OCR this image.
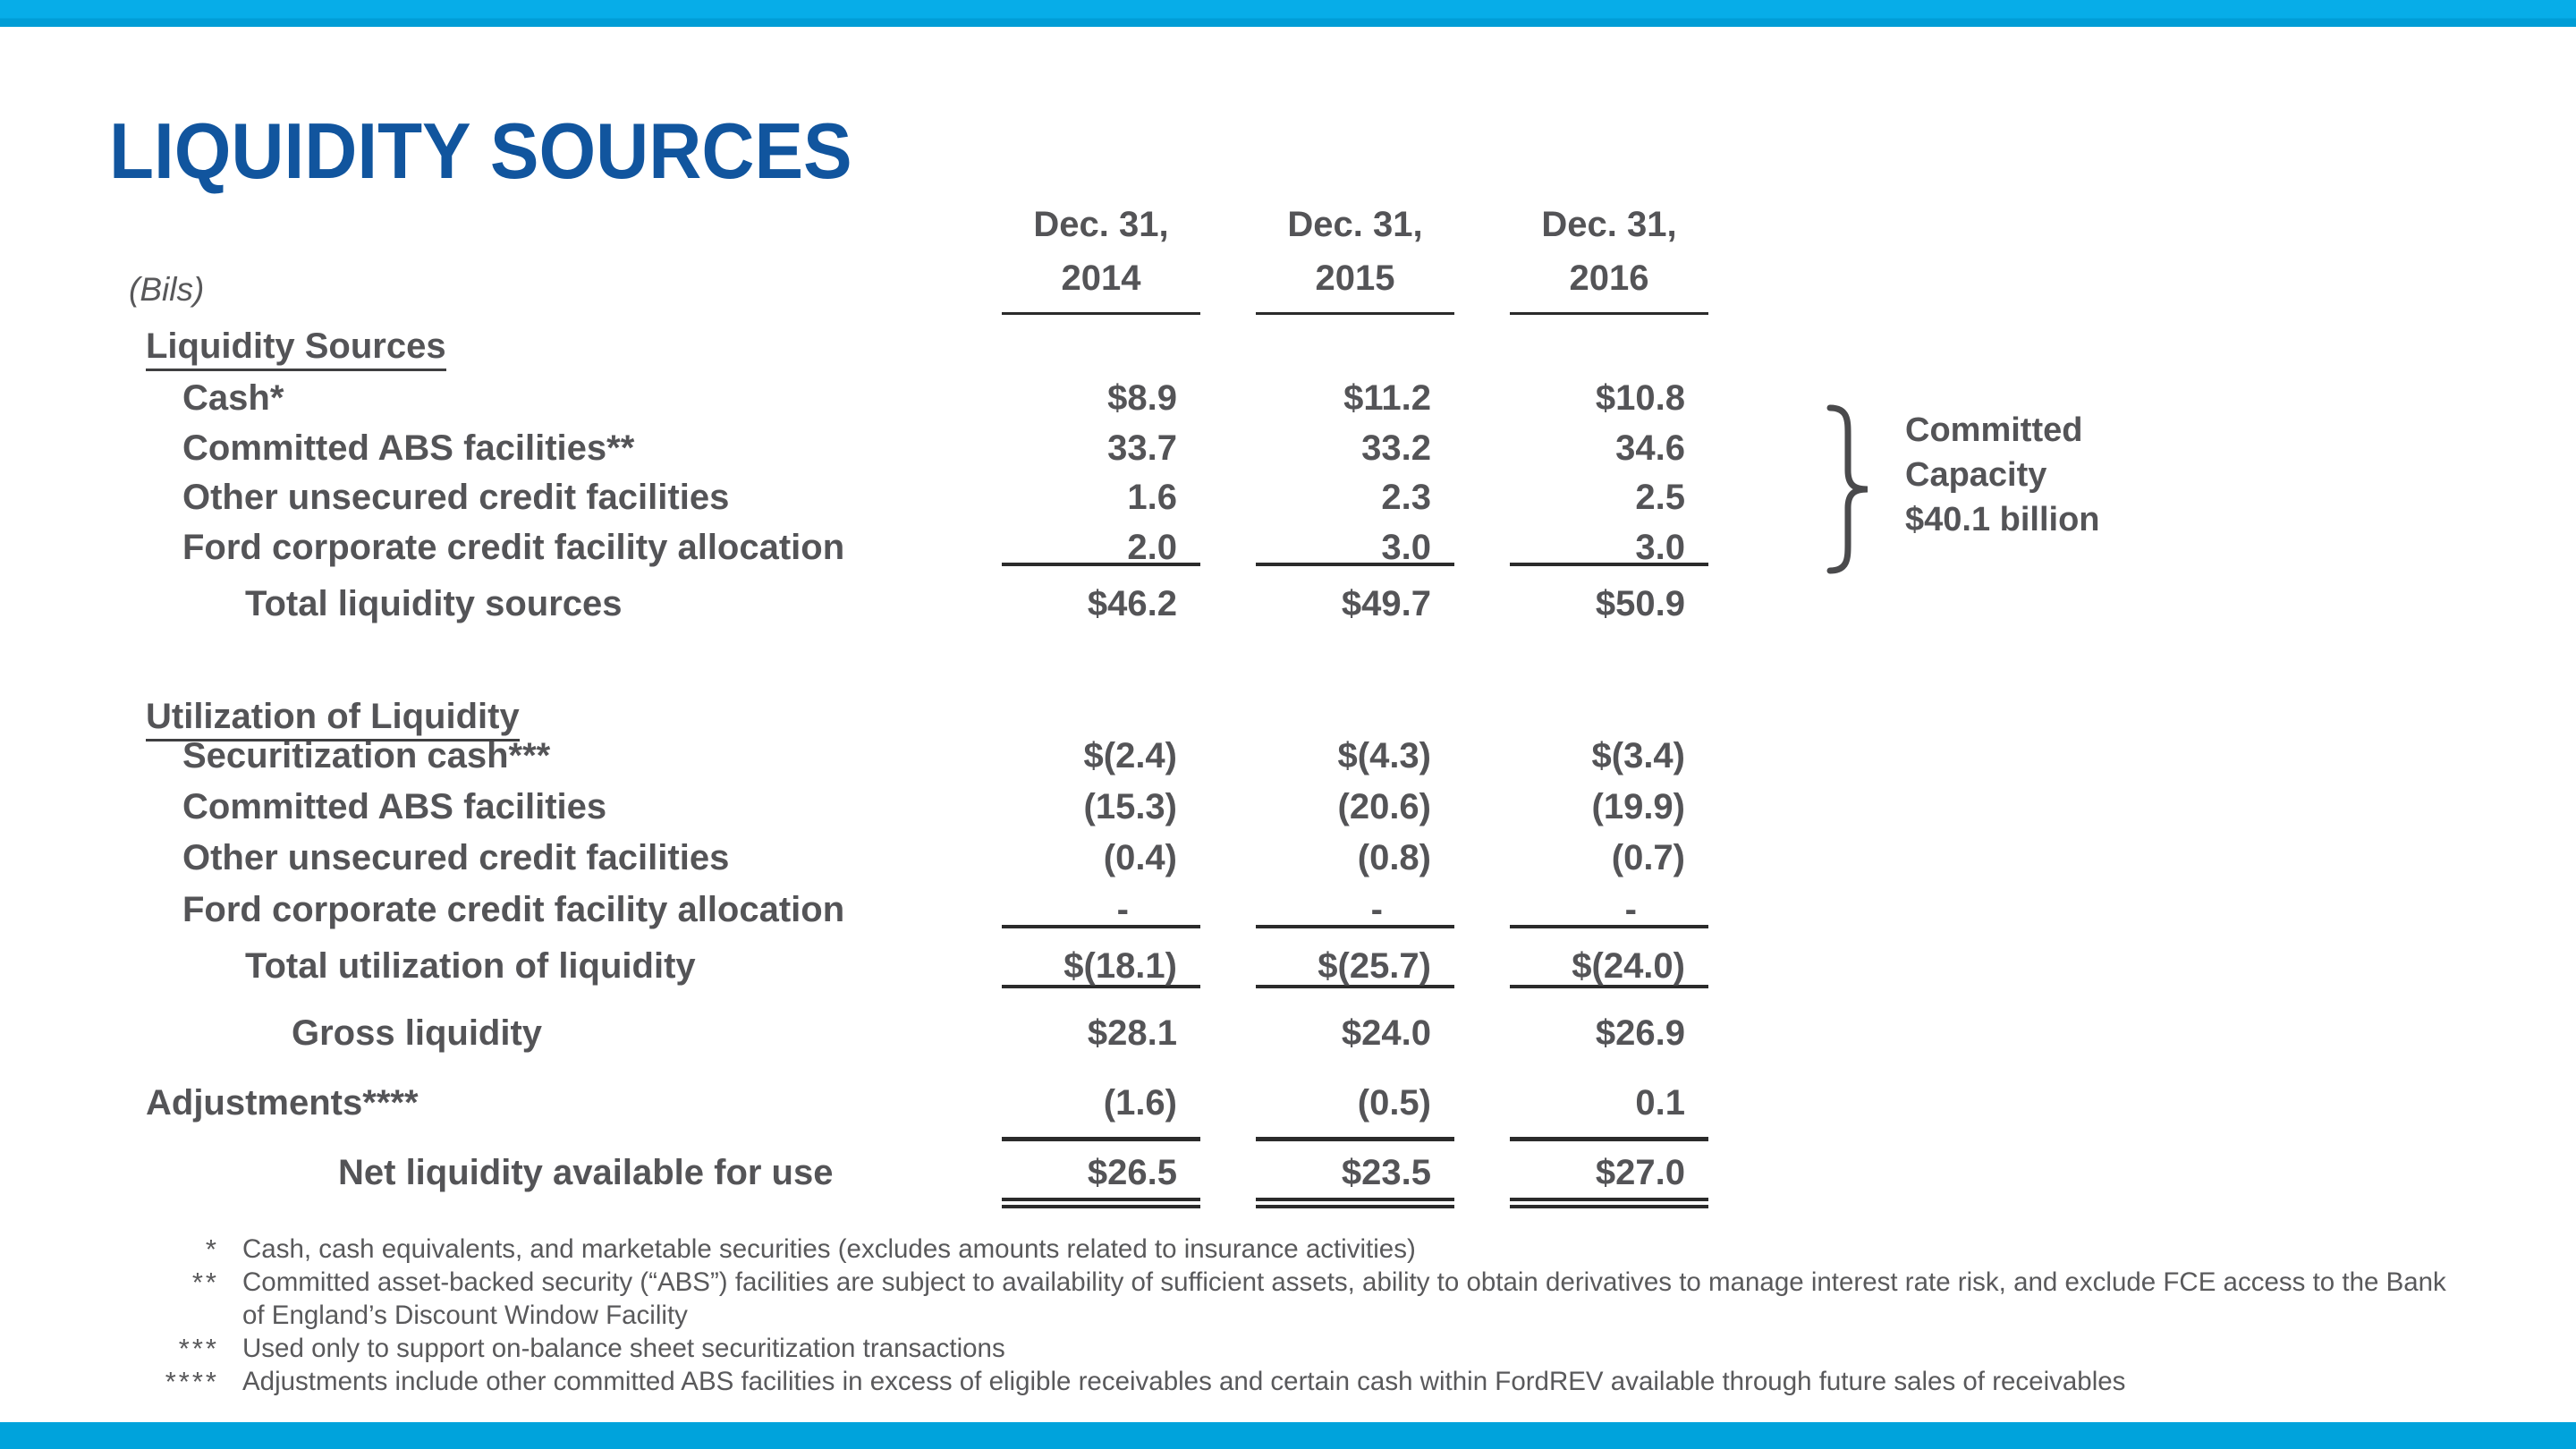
LIQUIDITY SOURCES
(Bils)
Dec. 31,
2014
Dec. 31,
2015
Dec. 31,
2016
Liquidity Sources
Cash*	$8.9	$11.2	$10.8
Committed ABS facilities**	33.7	33.2	34.6
Other unsecured credit facilities	1.6	2.3	2.5
Ford corporate credit facility allocation	2.0	3.0	3.0
Total liquidity sources	$46.2	$49.7	$50.9
Utilization of Liquidity
Securitization cash***	$(2.4)	$(4.3)	$(3.4)
Committed ABS facilities	(15.3)	(20.6)	(19.9)
Other unsecured credit facilities	(0.4)	(0.8)	(0.7)
Ford corporate credit facility allocation	-	-	-
Total utilization of liquidity	$(18.1)	$(25.7)	$(24.0)
Gross liquidity	$28.1	$24.0	$26.9
Adjustments****	(1.6)	(0.5)	0.1
Net liquidity available for use	$26.5	$23.5	$27.0
Committed
Capacity
$40.1 billion
* Cash, cash equivalents, and marketable securities (excludes amounts related to insurance activities)
** Committed asset-backed security (“ABS”) facilities are subject to availability of sufficient assets, ability to obtain derivatives to manage interest rate risk, and exclude FCE access to the Bank of England’s Discount Window Facility
*** Used only to support on-balance sheet securitization transactions
**** Adjustments include other committed ABS facilities in excess of eligible receivables and certain cash within FordREV available through future sales of receivables
